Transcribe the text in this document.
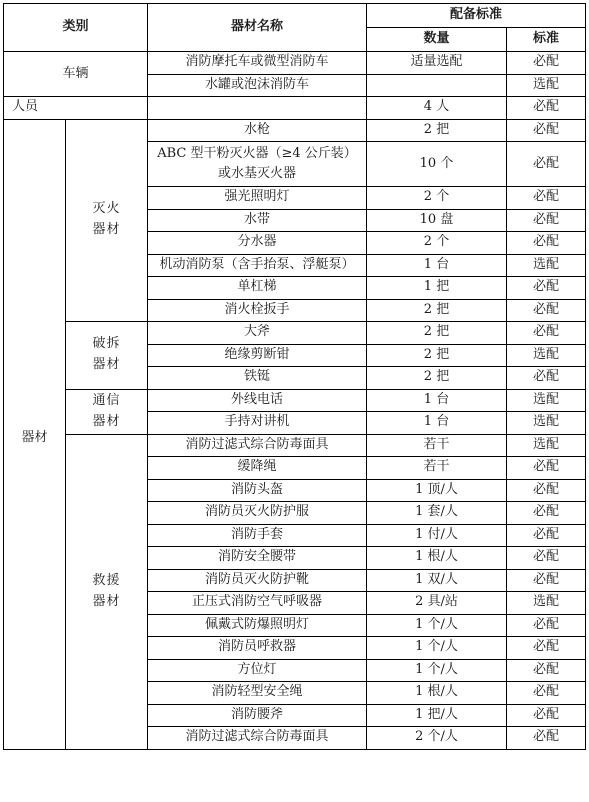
类别		器材名称	配备标准	
			数量	标准
车辆		消防摩托车或微型消防车	适量选配	必配
		水罐或泡沫消防车		选配
人员			4 人	必配
器材	灭火器材	水枪	2 把	必配
		ABC 型干粉灭火器（≥4 公斤装）或水基灭火器	10 个	必配
		强光照明灯	2 个	必配
		水带	10 盘	必配
		分水器	2 个	必配
		机动消防泵（含手抬泵、浮艇泵）	1 台	选配
		单杠梯	1 把	必配
		消火栓扳手	2 把	必配
	破拆器材	大斧	2 把	必配
		绝缘剪断钳	2 把	选配
		铁铤	2 把	必配
	通信器材	外线电话	1 台	选配
		手持对讲机	1 台	选配
	救援器材	消防过滤式综合防毒面具	若干	选配
		缓降绳	若干	必配
		消防头盔	1 顶/人	必配
		消防员灭火防护服	1 套/人	必配
		消防手套	1 付/人	必配
		消防安全腰带	1 根/人	必配
		消防员灭火防护靴	1 双/人	必配
		正压式消防空气呼吸器	2 具/站	选配
		佩戴式防爆照明灯	1 个/人	必配
		消防员呼救器	1 个/人	必配
		方位灯	1 个/人	必配
		消防轻型安全绳	1 根/人	必配
		消防腰斧	1 把/人	必配
		消防过滤式综合防毒面具	2 个/人	必配
